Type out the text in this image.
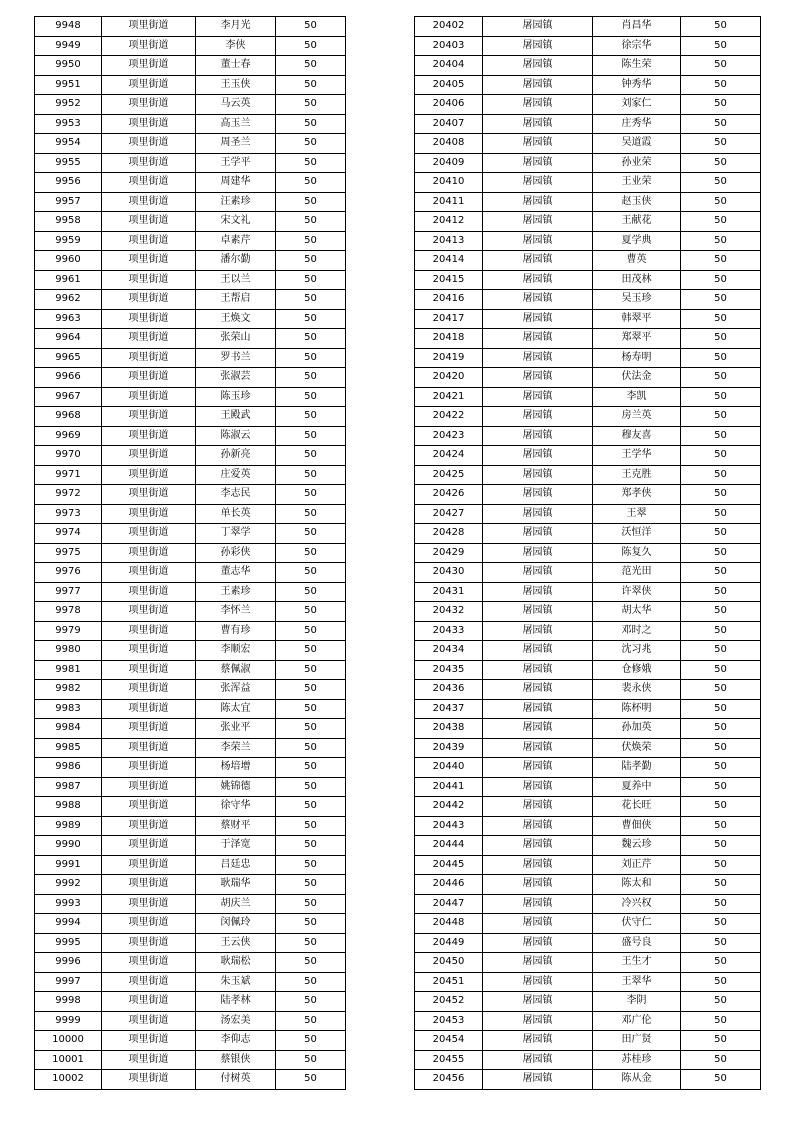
9948	项里街道	李月光	50
9949	项里街道	李侠	50
9950	项里街道	董士春	50
9951	项里街道	王玉侠	50
9952	项里街道	马云英	50
9953	项里街道	高玉兰	50
9954	项里街道	周圣兰	50
9955	项里街道	王学平	50
9956	项里街道	周建华	50
9957	项里街道	汪素珍	50
9958	项里街道	宋文礼	50
9959	项里街道	卓素芹	50
9960	项里街道	潘尔勤	50
9961	项里街道	王以兰	50
9962	项里街道	王帮启	50
9963	项里街道	王焕文	50
9964	项里街道	张荣山	50
9965	项里街道	罗书兰	50
9966	项里街道	张淑芸	50
9967	项里街道	陈玉珍	50
9968	项里街道	王殿武	50
9969	项里街道	陈淑云	50
9970	项里街道	孙新亮	50
9971	项里街道	庄爱英	50
9972	项里街道	李志民	50
9973	项里街道	单长英	50
9974	项里街道	丁翠学	50
9975	项里街道	孙彩侠	50
9976	项里街道	董志华	50
9977	项里街道	王素珍	50
9978	项里街道	李怀兰	50
9979	项里街道	曹有珍	50
9980	项里街道	李顺宏	50
9981	项里街道	蔡佩淑	50
9982	项里街道	张浑益	50
9983	项里街道	陈太宜	50
9984	项里街道	张业平	50
9985	项里街道	李荣兰	50
9986	项里街道	杨培增	50
9987	项里街道	姚锦德	50
9988	项里街道	徐守华	50
9989	项里街道	蔡财平	50
9990	项里街道	于泽宽	50
9991	项里街道	吕廷忠	50
9992	项里街道	耿瑞华	50
9993	项里街道	胡庆兰	50
9994	项里街道	闵佩玲	50
9995	项里街道	王云侠	50
9996	项里街道	耿瑞松	50
9997	项里街道	朱玉斌	50
9998	项里街道	陆孝林	50
9999	项里街道	汤宏美	50
10000	项里街道	李仰志	50
10001	项里街道	蔡银侠	50
10002	项里街道	付树英	50
20402	屠园镇	肖昌华	50
20403	屠园镇	徐宗华	50
20404	屠园镇	陈生荣	50
20405	屠园镇	钟秀华	50
20406	屠园镇	刘家仁	50
20407	屠园镇	庄秀华	50
20408	屠园镇	吴道霞	50
20409	屠园镇	孙业荣	50
20410	屠园镇	王业荣	50
20411	屠园镇	赵玉侠	50
20412	屠园镇	王献花	50
20413	屠园镇	夏学典	50
20414	屠园镇	曹英	50
20415	屠园镇	田茂林	50
20416	屠园镇	吴玉珍	50
20417	屠园镇	韩翠平	50
20418	屠园镇	郑翠平	50
20419	屠园镇	杨寿明	50
20420	屠园镇	伏法金	50
20421	屠园镇	李凯	50
20422	屠园镇	房兰英	50
20423	屠园镇	穆友喜	50
20424	屠园镇	王学华	50
20425	屠园镇	王克胜	50
20426	屠园镇	郑孝侠	50
20427	屠园镇	王翠	50
20428	屠园镇	沃恒洋	50
20429	屠园镇	陈复久	50
20430	屠园镇	范光田	50
20431	屠园镇	许翠侠	50
20432	屠园镇	胡太华	50
20433	屠园镇	邓时之	50
20434	屠园镇	沈习兆	50
20435	屠园镇	仓修娥	50
20436	屠园镇	裴永侠	50
20437	屠园镇	陈杯明	50
20438	屠园镇	孙加英	50
20439	屠园镇	伏焕荣	50
20440	屠园镇	陆孝勤	50
20441	屠园镇	夏养中	50
20442	屠园镇	花长旺	50
20443	屠园镇	曹佃侠	50
20444	屠园镇	魏云珍	50
20445	屠园镇	刘正芹	50
20446	屠园镇	陈太和	50
20447	屠园镇	冷兴权	50
20448	屠园镇	伏守仁	50
20449	屠园镇	盛号良	50
20450	屠园镇	王生才	50
20451	屠园镇	王翠华	50
20452	屠园镇	李阴	50
20453	屠园镇	邓广伦	50
20454	屠园镇	田广贤	50
20455	屠园镇	苏桂珍	50
20456	屠园镇	陈从金	50
